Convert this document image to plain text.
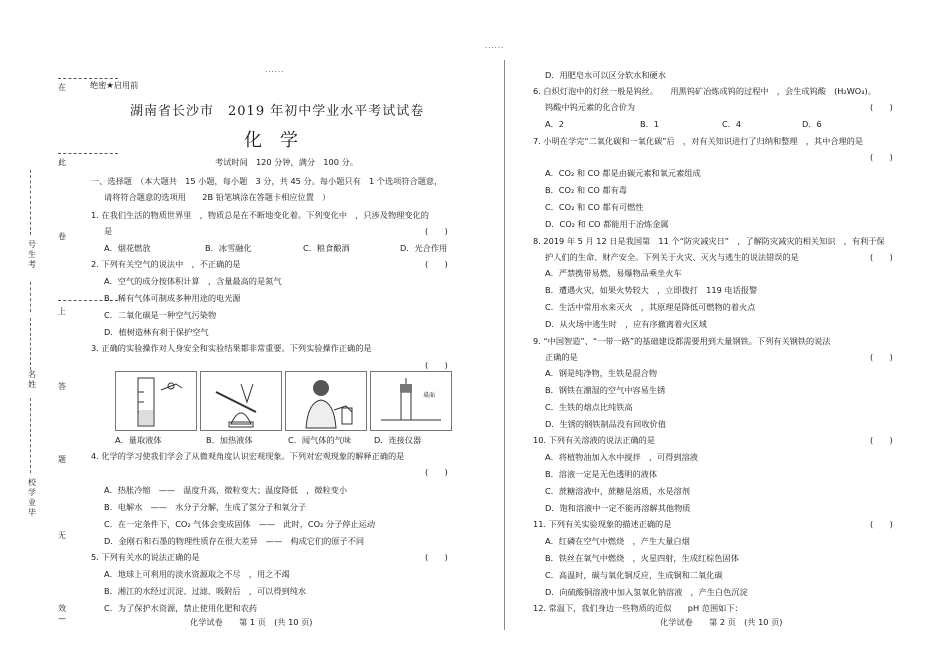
......
......
在
此
卷
号　生　考
上
名　姓	答
题
校　学　业　毕
无
效
—
绝密★启用前
湖南省长沙市　2019 年初中学业水平考试试卷
化学
考试时间　120 分钟，满分　100 分。
一、选择题　（本大题共　15 小题，每小题　3 分，共 45 分。每小题只有　1 个选项符合题意，
请将符合题意的选项用　　2B 铅笔填涂在答题卡相应位置　）
1. 在我们生活的物质世界里　，物质总是在不断地变化着。下列变化中　，只涉及物理变化的
是	(　　)
A．烟花燃放	B．冰雪融化	C．粮食酿酒	D．光合作用
2. 下列有关空气的说法中　，不正确的是	(　　)
A．空气的成分按体积计算　，含量最高的是氮气
B．稀有气体可制成多种用途的电光源
C．二氧化碳是一种空气污染物
D．植树造林有利于保护空气
3. 正确的实验操作对人身安全和实验结果都非常重要。下列实验操作正确的是
(　　)
桌面
A．量取液体	B．加热液体	C．闻气体的气味	D．连接仪器
4. 化学的学习使我们学会了从微观角度认识宏观现象。下列对宏观现象的解释正确的是
(　　)
A．热胀冷缩　——　温度升高，微粒变大；温度降低　，微粒变小
B．电解水　——　水分子分解，生成了氢分子和氧分子
C．在一定条件下，CO₂ 气体会变成固体　——　此时，CO₂ 分子停止运动
D．金刚石和石墨的物理性质存在很大差异　——　构成它们的原子不同
5. 下列有关水的说法正确的是	(　　)
A．地球上可利用的淡水资源取之不尽　，用之不竭
B．湘江的水经过沉淀、过滤、吸附后　，可以得到纯水
C．为了保护水资源，禁止使用化肥和农药
化学试卷　　第 1 页　(共 10 页)
D．用肥皂水可以区分软水和硬水
6. 白炽灯泡中的灯丝一般是钨丝。　　用黑钨矿冶炼成钨的过程中　，会生成钨酸　(H₂WO₄)。
钨酸中钨元素的化合价为	(　　)
A．2	B．1	C．4	D．6
7. 小明在学完“二氧化碳和一氧化碳”后　，对有关知识进行了归纳和整理　，其中合理的是
(　　)
A．CO₂ 和 CO 都是由碳元素和氧元素组成
B．CO₂ 和 CO 都有毒
C．CO₂ 和 CO 都有可燃性
D．CO₂ 和 CO 都能用于冶炼金属
8. 2019 年 5 月 12 日是我国第　11 个“防灾减灾日”　，了解防灾减灾的相关知识　，有利于保
护人们的生命、财产安全。下列关于火灾、灭火与逃生的说法错误的是	(　　)
A．严禁携带易燃、易爆物品乘坐火车
B．遭遇火灾，如果火势较大　，立即拨打　119 电话报警
C．生活中常用水来灭火　，其原理是降低可燃物的着火点
D．从火场中逃生时　，应有序撤离着火区域
9. “中国智造”、“一带一路”的基础建设都需要用到大量钢铁。下列有关钢铁的说法
正确的是	(　　)
A．钢是纯净物，生铁是混合物
B．钢铁在潮湿的空气中容易生锈
C．生铁的熔点比纯铁高
D．生锈的钢铁制品没有回收价值
10. 下列有关溶液的说法正确的是	(　　)
A．将植物油加入水中搅拌　，可得到溶液
B．溶液一定是无色透明的液体
C．蔗糖溶液中，蔗糖是溶质，水是溶剂
D．饱和溶液中一定不能再溶解其他物质
11. 下列有关实验现象的描述正确的是	(　　)
A．红磷在空气中燃烧　，产生大量白烟
B．铁丝在氧气中燃烧　，火星四射，生成红棕色固体
C．高温时，碳与氧化铜反应，生成铜和二氧化碳
D．向硫酸铜溶液中加入氢氧化钠溶液　，产生白色沉淀
12. 常温下，我们身边一些物质的近似　　pH 范围如下：
化学试卷　　第 2 页　(共 10 页)
